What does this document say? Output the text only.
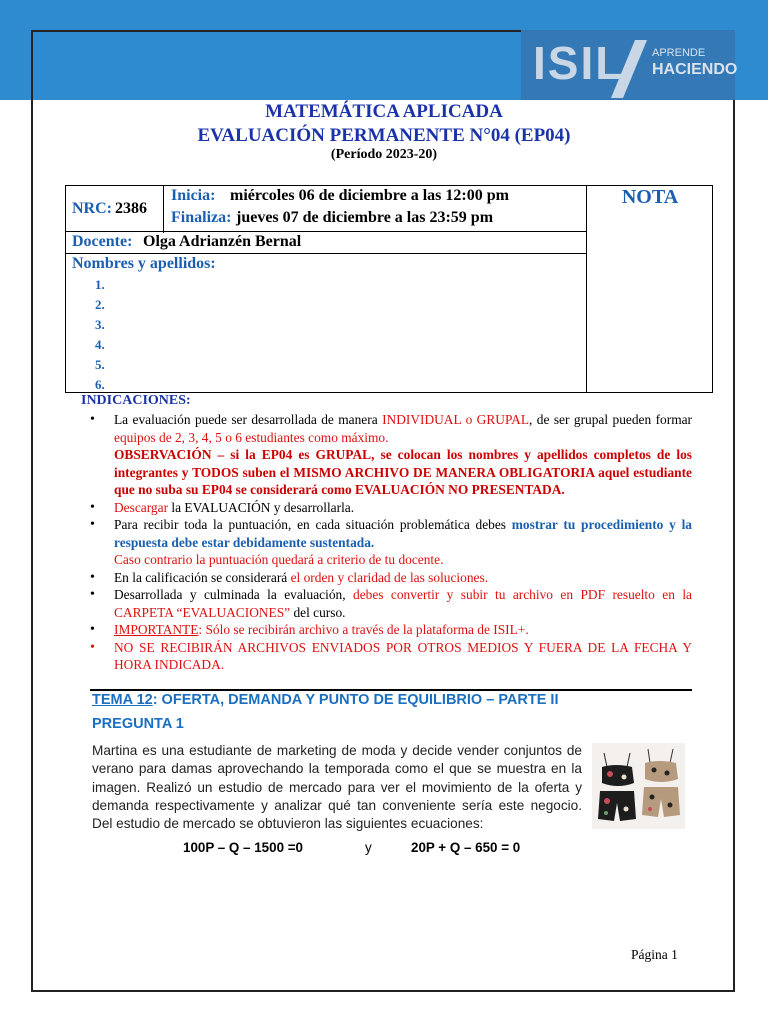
ISIL APRENDE
HACIENDO
MATEMÁTICA APLICADA
EVALUACIÓN PERMANENTE N°04 (EP04)
(Período 2023-20)
NRC: 2386
Inicia: miércoles 06 de diciembre a las 12:00 pm
Finaliza: jueves 07 de diciembre a las 23:59 pm
NOTA
Docente: Olga Adrianzén Bernal
Nombres y apellidos:
1.
2.
3.
4.
5.
6.
INDICACIONES:
• La evaluación puede ser desarrollada de manera INDIVIDUAL o GRUPAL, de ser grupal pueden formar equipos de 2, 3, 4, 5 o 6 estudiantes como máximo.
OBSERVACIÓN – si la EP04 es GRUPAL, se colocan los nombres y apellidos completos de los integrantes y TODOS suben el MISMO ARCHIVO DE MANERA OBLIGATORIA aquel estudiante que no suba su EP04 se considerará como EVALUACIÓN NO PRESENTADA.
• Descargar la EVALUACIÓN y desarrollarla.
• Para recibir toda la puntuación, en cada situación problemática debes mostrar tu procedimiento y la respuesta debe estar debidamente sustentada.
Caso contrario la puntuación quedará a criterio de tu docente.
• En la calificación se considerará el orden y claridad de las soluciones.
• Desarrollada y culminada la evaluación, debes convertir y subir tu archivo en PDF resuelto en la CARPETA “EVALUACIONES” del curso.
• IMPORTANTE: Sólo se recibirán archivo a través de la plataforma de ISIL+.
• NO SE RECIBIRÁN ARCHIVOS ENVIADOS POR OTROS MEDIOS Y FUERA DE LA FECHA Y HORA INDICADA.
TEMA 12: OFERTA, DEMANDA Y PUNTO DE EQUILIBRIO – PARTE II
PREGUNTA 1
Martina es una estudiante de marketing de moda y decide vender conjuntos de verano para damas aprovechando la temporada como el que se muestra en la imagen. Realizó un estudio de mercado para ver el movimiento de la oferta y demanda respectivamente y analizar qué tan conveniente sería este negocio. Del estudio de mercado se obtuvieron las siguientes ecuaciones:
100P – Q – 1500 =0	y	20P + Q – 650 = 0
Página 1
